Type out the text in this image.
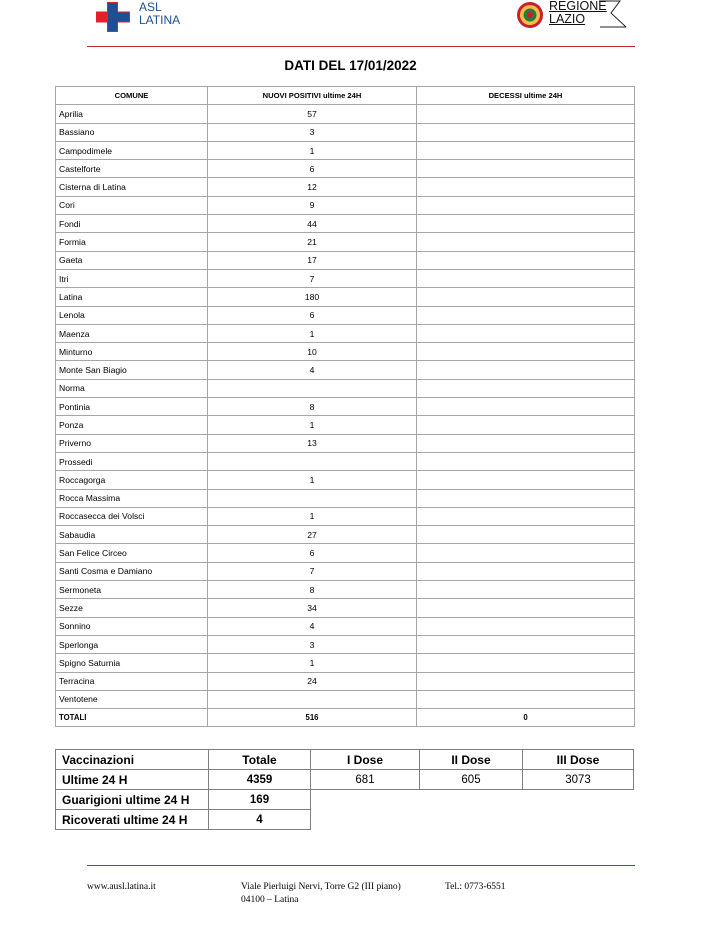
ASL
LATINA
REGIONE
LAZIO
DATI DEL 17/01/2022
COMUNE	NUOVI POSITIVI ultime 24H	DECESSI ultime 24H
Aprilia	57	
Bassiano	3	
Campodimele	1	
Castelforte	6	
Cisterna di Latina	12	
Cori	9	
Fondi	44	
Formia	21	
Gaeta	17	
Itri	7	
Latina	180	
Lenola	6	
Maenza	1	
Minturno	10	
Monte San Biagio	4	
Norma		
Pontinia	8	
Ponza	1	
Priverno	13	
Prossedi		
Roccagorga	1	
Rocca Massima		
Roccasecca dei Volsci	1	
Sabaudia	27	
San Felice Circeo	6	
Santi Cosma e Damiano	7	
Sermoneta	8	
Sezze	34	
Sonnino	4	
Sperlonga	3	
Spigno Saturnia	1	
Terracina	24	
Ventotene		
TOTALI	516	0
Vaccinazioni	Totale	I Dose	II Dose	III Dose
Ultime 24 H	4359	681	605	3073
Guarigioni ultime 24 H	169			
Ricoverati ultime 24 H	4			
www.ausl.latina.it	Viale Pierluigi Nervi, Torre G2 (III piano)
04100 – Latina
Tel.: 0773-6551
